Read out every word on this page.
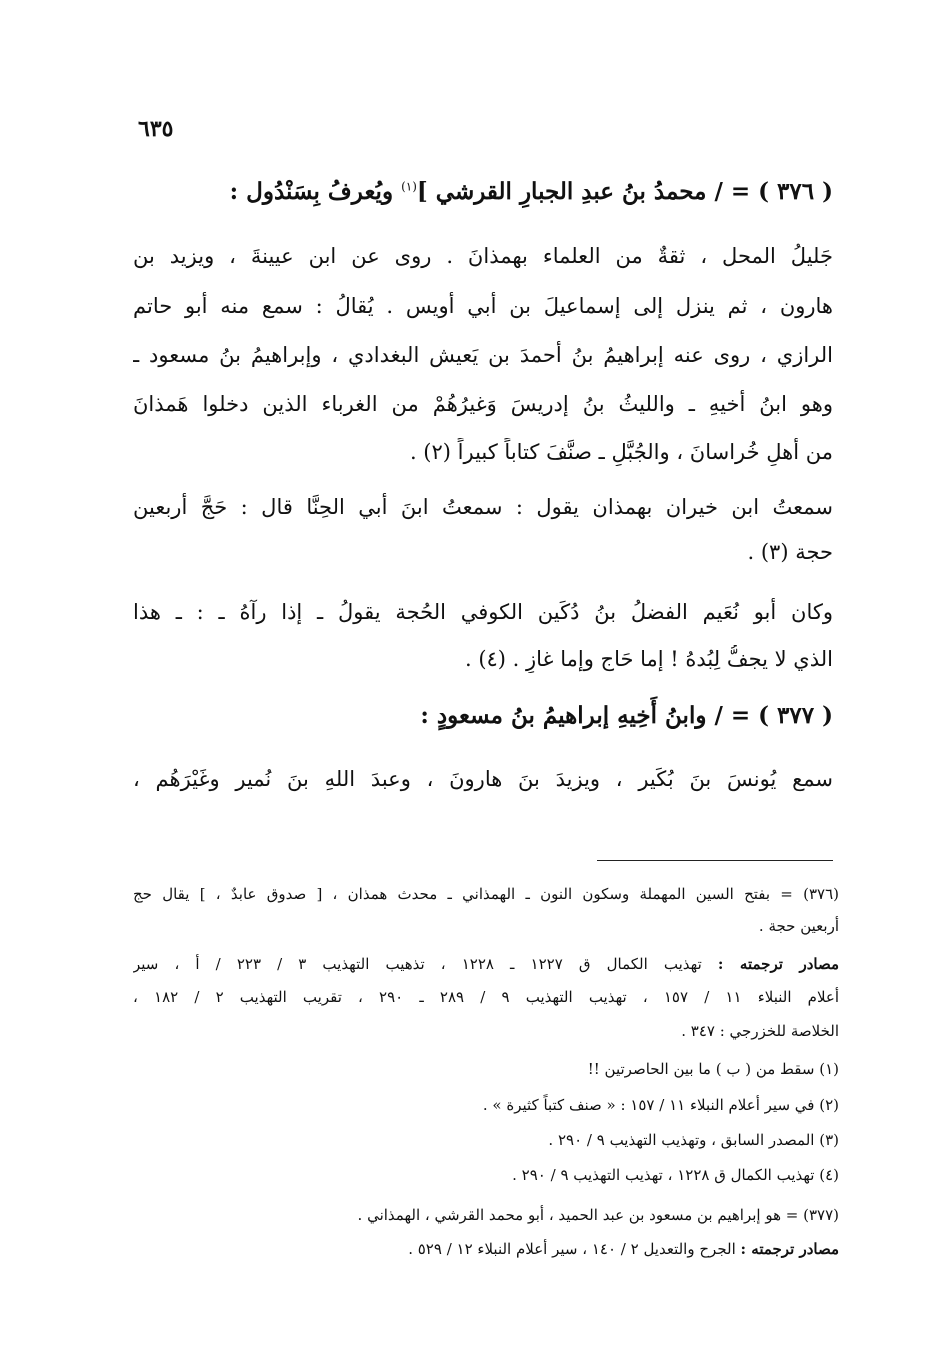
٦٣٥
( ٣٧٦ ) = / محمدُ بنُ عبدِ الجبارِ القرشي ]$^{(١)}$ ويُعرفُ بِسَنْدُول :
جَليلُ المحل ، ثقةٌ من العلماء بهمذانَ . روى عن ابن عيينةَ ، ويزيد بن
هارون ، ثم ينزل إلى إسماعيلَ بن أبي أُويس . يُقالُ : سمع منه أبو حاتم
الرازي ، روى عنه إبراهيمُ بنُ أحمدَ بن يَعيش البغدادي ، وإبراهيمُ بنُ مسعود ـ
وهو ابنُ أخيهِ ـ والليثُ بنُ إدريسَ وَغيرُهُمْ من الغرباء الذين دخلوا هَمذانَ
من أهلِ خُراسانَ ، والجُبَّلِ ـ صنَّفَ كتاباً كبيراً (٢) .
سمعتُ ابن خيران بهمذان يقول : سمعتُ ابنَ أبي الحِنَّا قال : حَجَّ أربعين
حجة (٣) .
وكان أبو نُعَيم الفضلُ بنُ دُكَين الكوفي الحُجة يقولُ ـ إذا رآهُ ـ : ـ هذا
الذي لا يجفُّ لِبُدهُ ! إما حَاج وإما غازٍ . (٤) .
( ٣٧٧ ) = / وابنُ أَخِيهِ إبراهيمُ بنُ مسعودٍ :
سمع يُونسَ بنَ بُكَير ، ويزيدَ بنَ هارونَ ، وعبدَ اللهِ بنَ نُمير وغَيْرَهُم ،
(٣٧٦) = بفتح السين المهملة وسكون النون ـ الهمذاني ـ محدث همذان ، [ صدوق عابدٌ ، ] يقال حج
أربعين حجة .
مصادر ترجمته : تهذيب الكمال ق ١٢٢٧ ـ ١٢٢٨ ، تذهيب التهذيب ٣ / ٢٢٣ / أ ، سير
أعلام النبلاء ١١ / ١٥٧ ، تهذيب التهذيب ٩ / ٢٨٩ ـ ٢٩٠ ، تقريب التهذيب ٢ / ١٨٢ ،
الخلاصة للخزرجي : ٣٤٧ .
(١) سقط من ( ب ) ما بين الحاصرتين !!
(٢) في سير أعلام النبلاء ١١ / ١٥٧ : « صنف كتباً كثيرة » .
(٣) المصدر السابق ، وتهذيب التهذيب ٩ / ٢٩٠ .
(٤) تهذيب الكمال ق ١٢٢٨ ، تهذيب التهذيب ٩ / ٢٩٠ .
(٣٧٧) = هو إبراهيم بن مسعود بن عبد الحميد ، أبو محمد القرشي ، الهمذاني .
مصادر ترجمته : الجرح والتعديل ٢ / ١٤٠ ، سير أعلام النبلاء ١٢ / ٥٢٩ .
